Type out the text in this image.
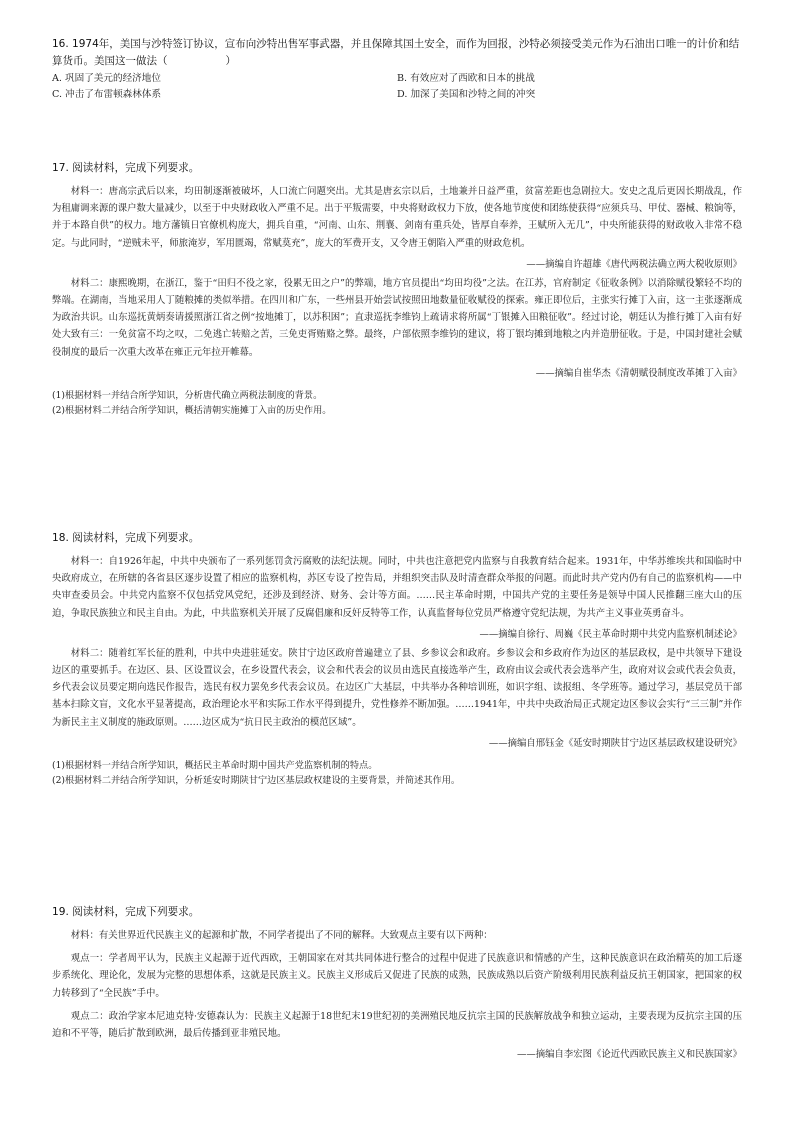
16. 1974年，美国与沙特签订协议，宣布向沙特出售军事武器，并且保障其国土安全，而作为回报，沙特必须接受美元作为石油出口唯一的计价和结算货币。美国这一做法（	）

A. 巩固了美元的经济地位	B. 有效应对了西欧和日本的挑战
C. 冲击了布雷顿森林体系	D. 加深了美国和沙特之间的冲突

17. 阅读材料，完成下列要求。

材料一：唐高宗武后以来，均田制逐渐被破坏，人口流亡问题突出。尤其是唐玄宗以后，土地兼并日益严重，贫富差距也急剧拉大。安史之乱后更因长期战乱，作为租庸调来源的课户数大量减少，以至于中央财政收入严重不足。出于平叛需要，中央将财政权力下放，使各地节度使和团练使获得“应须兵马、甲仗、器械、粮饷等，并于本路自供”的权力。地方藩镇日官僚机构庞大，拥兵自重，“河南、山东、荆襄、剑南有重兵处，皆厚自奉养，王赋所入无几”，中央所能获得的财政收入非常不稳定。与此同时，“逆贼未平，师旅淹岁，军用匮竭，常赋莫充”，庞大的军费开支，又令唐王朝陷入严重的财政危机。

——摘编自许超雄《唐代两税法确立两大税收原则》

材料二：康熙晚期，在浙江，鉴于“田归不役之家，役累无田之户”的弊端，地方官员提出“均田均役”之法。在江苏，官府制定《征收条例》以消除赋役繁轻不均的弊端。在湖南，当地采用人丁随粮摊的类似举措。在四川和广东，一些州县开始尝试按照田地数量征收赋役的探索。雍正即位后，主张实行摊丁入亩，这一主张逐渐成为政治共识。山东巡抚黄炳奏请援照浙江省之例“按地摊丁，以苏积困”；直隶巡抚李维钧上疏请求将所属“丁银摊入田粮征收”。经过讨论，朝廷认为推行摊丁入亩有好处大致有三：一免贫富不均之叹，二免逃亡转赔之苦，三免吏胥贿赂之弊。最终，户部依照李维钧的建议，将丁银均摊到地粮之内并造册征收。于是，中国封建社会赋役制度的最后一次重大改革在雍正元年拉开帷幕。

——摘编自崔华杰《清朝赋役制度改革摊丁入亩》

(1)根据材料一并结合所学知识，分析唐代确立两税法制度的背景。

(2)根据材料二并结合所学知识，概括清朝实施摊丁入亩的历史作用。

18. 阅读材料，完成下列要求。

材料一：自1926年起，中共中央颁布了一系列惩罚贪污腐败的法纪法规。同时，中共也注意把党内监察与自我教育结合起来。1931年，中华苏维埃共和国临时中央政府成立，在所辖的各省县区逐步设置了相应的监察机构，苏区专设了控告局，并组织突击队及时清查群众举报的问题。而此时共产党内仍有自己的监察机构——中央审查委员会。中共党内监察不仅包括党风党纪，还涉及到经济、财务、会计等方面。……民主革命时期，中国共产党的主要任务是领导中国人民推翻三座大山的压迫，争取民族独立和民主自由。为此，中共监察机关开展了反腐倡廉和反奸反特等工作，认真监督每位党员严格遵守党纪法规，为共产主义事业英勇奋斗。

——摘编自徐行、周巍《民主革命时期中共党内监察机制述论》

材料二：随着红军长征的胜利，中共中央进驻延安。陕甘宁边区政府普遍建立了县、乡参议会和政府。乡参议会和乡政府作为边区的基层政权，是中共领导下建设边区的重要抓手。在边区、县、区设置议会，在乡设置代表会，议会和代表会的议员由选民直接选举产生，政府由议会或代表会选举产生，政府对议会或代表会负责，乡代表会议员要定期向选民作报告，选民有权力罢免乡代表会议员。在边区广大基层，中共举办各种培训班，如识字组、读报组、冬学班等。通过学习，基层党员干部基本扫除文盲，文化水平显著提高，政治理论水平和实际工作水平得到提升，党性修养不断加强。……1941年，中共中央政治局正式规定边区参议会实行“三三制”并作为新民主主义制度的施政原则。……边区成为“抗日民主政治的模范区域”。

——摘编自邢钰金《延安时期陕甘宁边区基层政权建设研究》

(1)根据材料一并结合所学知识，概括民主革命时期中国共产党监察机制的特点。

(2)根据材料二并结合所学知识，分析延安时期陕甘宁边区基层政权建设的主要背景，并简述其作用。

19. 阅读材料，完成下列要求。

材料：有关世界近代民族主义的起源和扩散，不同学者提出了不同的解释。大致观点主要有以下两种：

观点一：学者周平认为，民族主义起源于近代西欧，王朝国家在对其共同体进行整合的过程中促进了民族意识和情感的产生，这种民族意识在政治精英的加工后逐步系统化、理论化，发展为完整的思想体系，这就是民族主义。民族主义形成后又促进了民族的成熟，民族成熟以后资产阶级利用民族利益反抗王朝国家，把国家的权力转移到了“全民族”手中。

观点二：政治学家本尼迪克特·安德森认为：民族主义起源于18世纪末19世纪初的美洲殖民地反抗宗主国的民族解放战争和独立运动，主要表现为反抗宗主国的压迫和不平等，随后扩散到欧洲，最后传播到亚非殖民地。

——摘编自李宏图《论近代西欧民族主义和民族国家》
